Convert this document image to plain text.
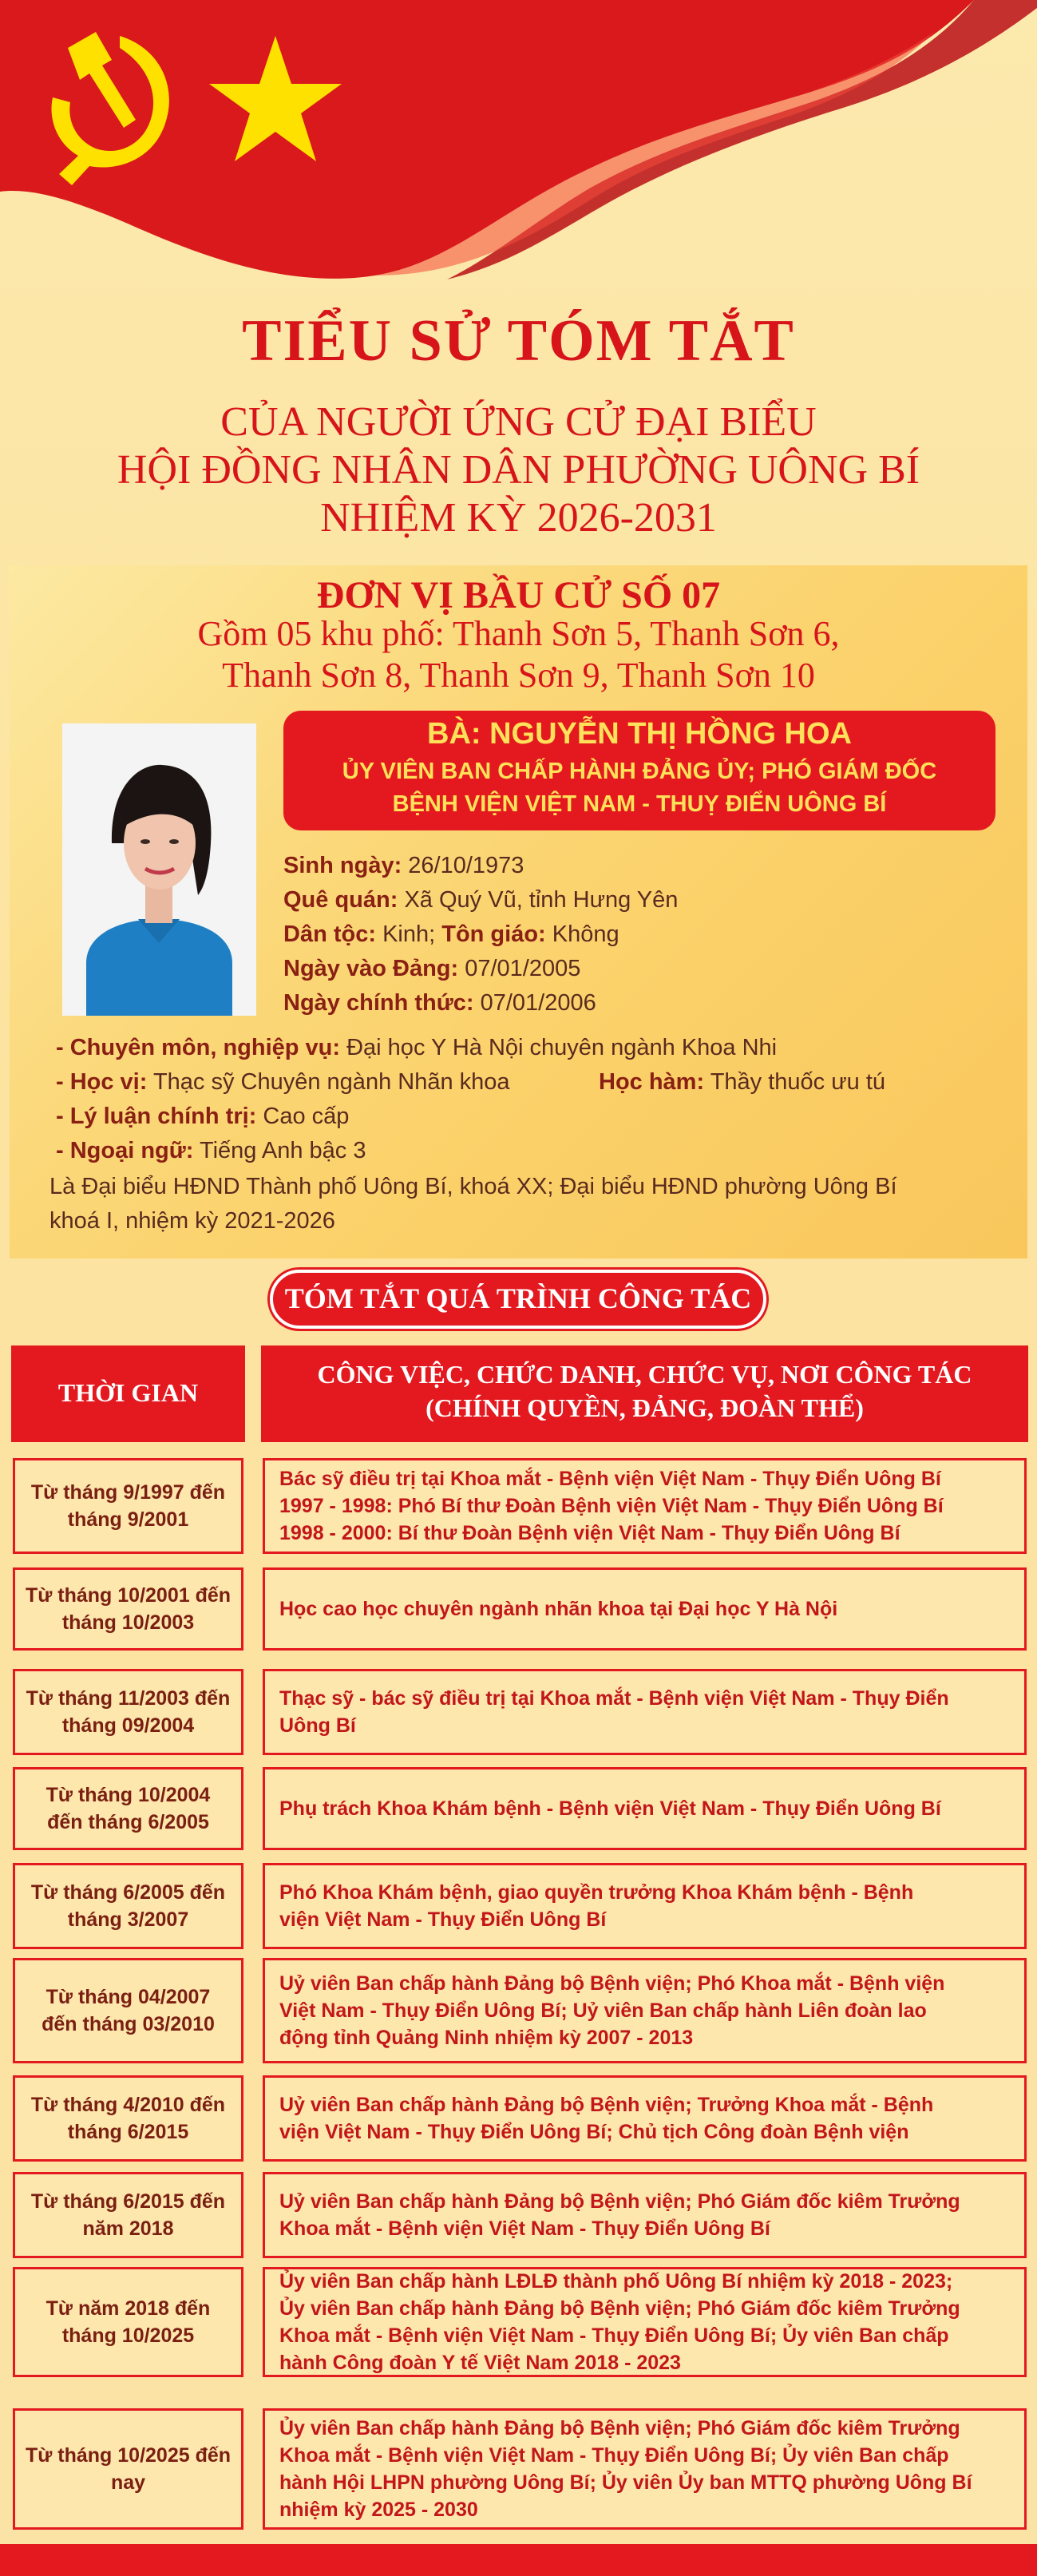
TIỂU SỬ TÓM TẮT
CỦA NGƯỜI ỨNG CỬ ĐẠI BIỂU
HỘI ĐỒNG NHÂN DÂN PHƯỜNG UÔNG BÍ
NHIỆM KỲ 2026-2031
ĐƠN VỊ BẦU CỬ SỐ 07
Gồm 05 khu phố: Thanh Sơn 5, Thanh Sơn 6,
Thanh Sơn 8, Thanh Sơn 9, Thanh Sơn 10
BÀ: NGUYỄN THỊ HỒNG HOA
ỦY VIÊN BAN CHẤP HÀNH ĐẢNG ỦY; PHÓ GIÁM ĐỐC
BỆNH VIỆN VIỆT NAM - THUỴ ĐIỂN UÔNG BÍ
Sinh ngày: 26/10/1973
Quê quán: Xã Quý Vũ, tỉnh Hưng Yên
Dân tộc: Kinh; Tôn giáo: Không
Ngày vào Đảng: 07/01/2005
Ngày chính thức: 07/01/2006
- Chuyên môn, nghiệp vụ: Đại học Y Hà Nội chuyên ngành Khoa Nhi
- Học vị: Thạc sỹ Chuyên ngành Nhãn khoa	Học hàm: Thầy thuốc ưu tú
- Lý luận chính trị: Cao cấp
- Ngoại ngữ: Tiếng Anh bậc 3
Là Đại biểu HĐND Thành phố Uông Bí, khoá XX; Đại biểu HĐND phường Uông Bí
khoá I, nhiệm kỳ 2021-2026
TÓM TẮT QUÁ TRÌNH CÔNG TÁC
THỜI GIAN
CÔNG VIỆC, CHỨC DANH, CHỨC VỤ, NƠI CÔNG TÁC
(CHÍNH QUYỀN, ĐẢNG, ĐOÀN THỂ)
Từ tháng 9/1997 đến
tháng 9/2001
Bác sỹ điều trị tại Khoa mắt - Bệnh viện Việt Nam - Thụy Điển Uông Bí
1997 - 1998: Phó Bí thư Đoàn Bệnh viện Việt Nam - Thụy Điển Uông Bí
1998 - 2000: Bí thư Đoàn Bệnh viện Việt Nam - Thụy Điển Uông Bí
Từ tháng 10/2001 đến
tháng 10/2003
Học cao học chuyên ngành nhãn khoa tại Đại học Y Hà Nội
Từ tháng 11/2003 đến
tháng 09/2004
Thạc sỹ - bác sỹ điều trị tại Khoa mắt - Bệnh viện Việt Nam - Thụy Điển
Uông Bí
Từ tháng 10/2004
đến tháng 6/2005
Phụ trách Khoa Khám bệnh - Bệnh viện Việt Nam - Thụy Điển Uông Bí
Từ tháng 6/2005 đến
tháng 3/2007
Phó Khoa Khám bệnh, giao quyền trưởng Khoa Khám bệnh - Bệnh
viện Việt Nam - Thụy Điển Uông Bí
Từ tháng 04/2007
đến tháng 03/2010
Uỷ viên Ban chấp hành Đảng bộ Bệnh viện; Phó Khoa mắt - Bệnh viện
Việt Nam - Thụy Điển Uông Bí; Uỷ viên Ban chấp hành Liên đoàn lao
động tỉnh Quảng Ninh nhiệm kỳ 2007 - 2013
Từ tháng 4/2010 đến
tháng 6/2015
Uỷ viên Ban chấp hành Đảng bộ Bệnh viện; Trưởng Khoa mắt - Bệnh
viện Việt Nam - Thụy Điển Uông Bí; Chủ tịch Công đoàn Bệnh viện
Từ tháng 6/2015 đến
năm 2018
Uỷ viên Ban chấp hành Đảng bộ Bệnh viện; Phó Giám đốc kiêm Trưởng
Khoa mắt - Bệnh viện Việt Nam - Thụy Điển Uông Bí
Từ năm 2018 đến
tháng 10/2025
Ủy viên Ban chấp hành LĐLĐ thành phố Uông Bí nhiệm kỳ 2018 - 2023;
Ủy viên Ban chấp hành Đảng bộ Bệnh viện; Phó Giám đốc kiêm Trưởng
Khoa mắt - Bệnh viện Việt Nam - Thụy Điển Uông Bí; Ủy viên Ban chấp
hành Công đoàn Y tế Việt Nam 2018 - 2023
Từ tháng 10/2025 đến
nay
Ủy viên Ban chấp hành Đảng bộ Bệnh viện; Phó Giám đốc kiêm Trưởng
Khoa mắt - Bệnh viện Việt Nam - Thụy Điển Uông Bí; Ủy viên Ban chấp
hành Hội LHPN phường Uông Bí; Ủy viên Ủy ban MTTQ phường Uông Bí
nhiệm kỳ 2025 - 2030
